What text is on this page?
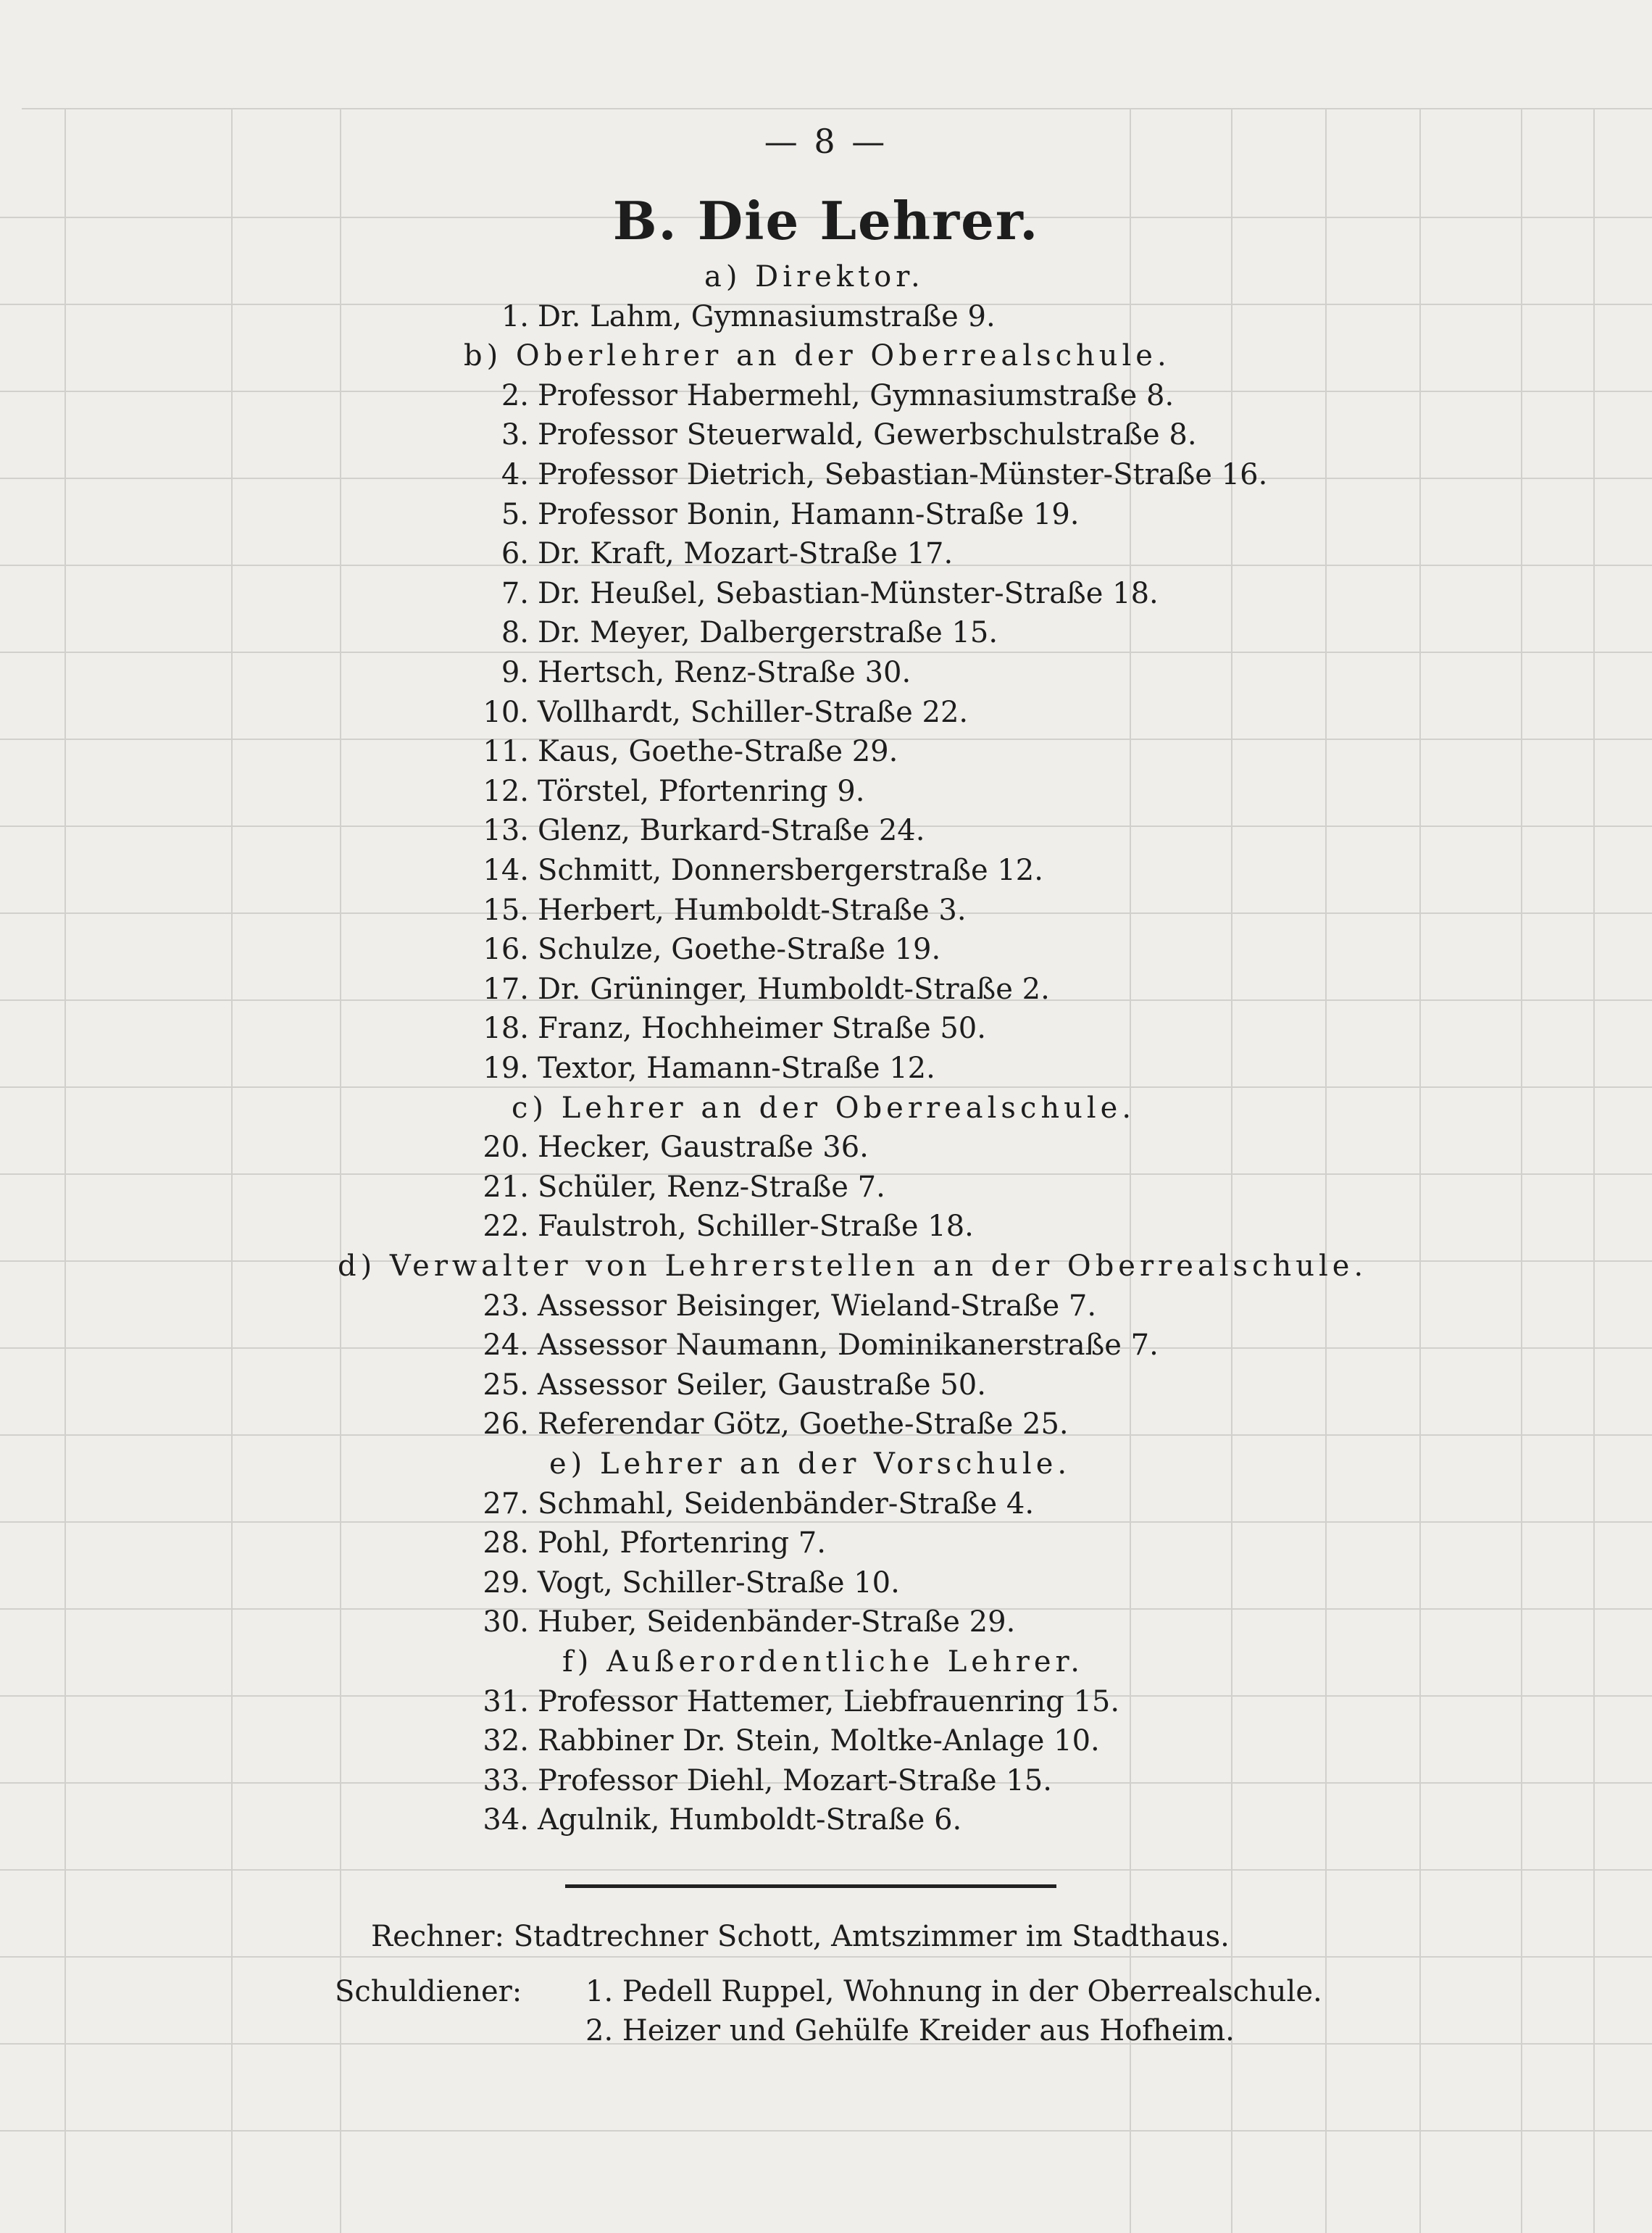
— 8 —
B. Die Lehrer.
a) Direktor.
1. Dr. Lahm, Gymnasiumstraße 9.
b) Oberlehrer an der Oberrealschule.
2. Professor Habermehl, Gymnasiumstraße 8.
3. Professor Steuerwald, Gewerbschulstraße 8.
4. Professor Dietrich, Sebastian-Münster-Straße 16.
5. Professor Bonin, Hamann-Straße 19.
6. Dr. Kraft, Mozart-Straße 17.
7. Dr. Heußel, Sebastian-Münster-Straße 18.
8. Dr. Meyer, Dalbergerstraße 15.
9. Hertsch, Renz-Straße 30.
10. Vollhardt, Schiller-Straße 22.
11. Kaus, Goethe-Straße 29.
12. Törstel, Pfortenring 9.
13. Glenz, Burkard-Straße 24.
14. Schmitt, Donnersbergerstraße 12.
15. Herbert, Humboldt-Straße 3.
16. Schulze, Goethe-Straße 19.
17. Dr. Grüninger, Humboldt-Straße 2.
18. Franz, Hochheimer Straße 50.
19. Textor, Hamann-Straße 12.
c) Lehrer an der Oberrealschule.
20. Hecker, Gaustraße 36.
21. Schüler, Renz-Straße 7.
22. Faulstroh, Schiller-Straße 18.
d) Verwalter von Lehrerstellen an der Oberrealschule.
23. Assessor Beisinger, Wieland-Straße 7.
24. Assessor Naumann, Dominikanerstraße 7.
25. Assessor Seiler, Gaustraße 50.
26. Referendar Götz, Goethe-Straße 25.
e) Lehrer an der Vorschule.
27. Schmahl, Seidenbänder-Straße 4.
28. Pohl, Pfortenring 7.
29. Vogt, Schiller-Straße 10.
30. Huber, Seidenbänder-Straße 29.
f) Außerordentliche Lehrer.
31. Professor Hattemer, Liebfrauenring 15.
32. Rabbiner Dr. Stein, Moltke-Anlage 10.
33. Professor Diehl, Mozart-Straße 15.
34. Agulnik, Humboldt-Straße 6.
Rechner: Stadtrechner Schott, Amtszimmer im Stadthaus.
Schuldiener: 1. Pedell Ruppel, Wohnung in der Oberrealschule.
2. Heizer und Gehülfe Kreider aus Hofheim.
